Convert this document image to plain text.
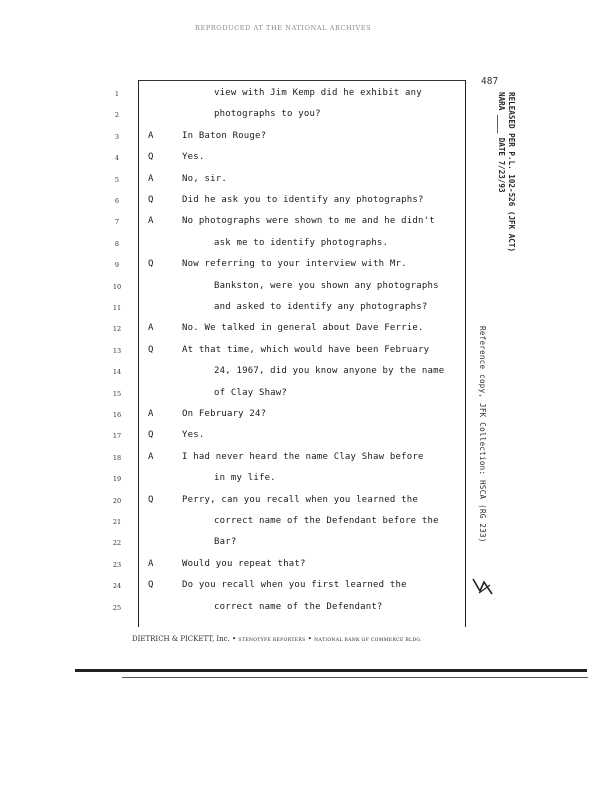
REPRODUCED AT THE NATIONAL ARCHIVES
487
1	view with Jim Kemp did he exhibit any
2	photographs to you?
3	A	In Baton Rouge?
4	Q	Yes.
5	A	No, sir.
6	Q	Did he ask you to identify any photographs?
7	A	No photographs were shown to me and he didn't
8	ask me to identify photographs.
9	Q	Now referring to your interview with Mr.
10	Bankston, were you shown any photographs
11	and asked to identify any photographs?
12	A	No. We talked in general about Dave Ferrie.
13	Q	At that time, which would have been February
14	24, 1967, did you know anyone by the name
15	of Clay Shaw?
16	A	On February 24?
17	Q	Yes.
18	A	I had never heard the name Clay Shaw before
19	in my life.
20	Q	Perry, can you recall when you learned the
21	correct name of the Defendant before the
22	Bar?
23	A	Would you repeat that?
24	Q	Do you recall when you first learned the
25	correct name of the Defendant?
DIETRICH & PICKETT, Inc. • STENOTYPE REPORTERS • NATIONAL BANK OF COMMERCE BLDG.
RELEASED PER P.L. 102-526 (JFK ACT)
NARA ____ DATE 7/23/93
Reference copy, JFK Collection: HSCA (RG 233)
